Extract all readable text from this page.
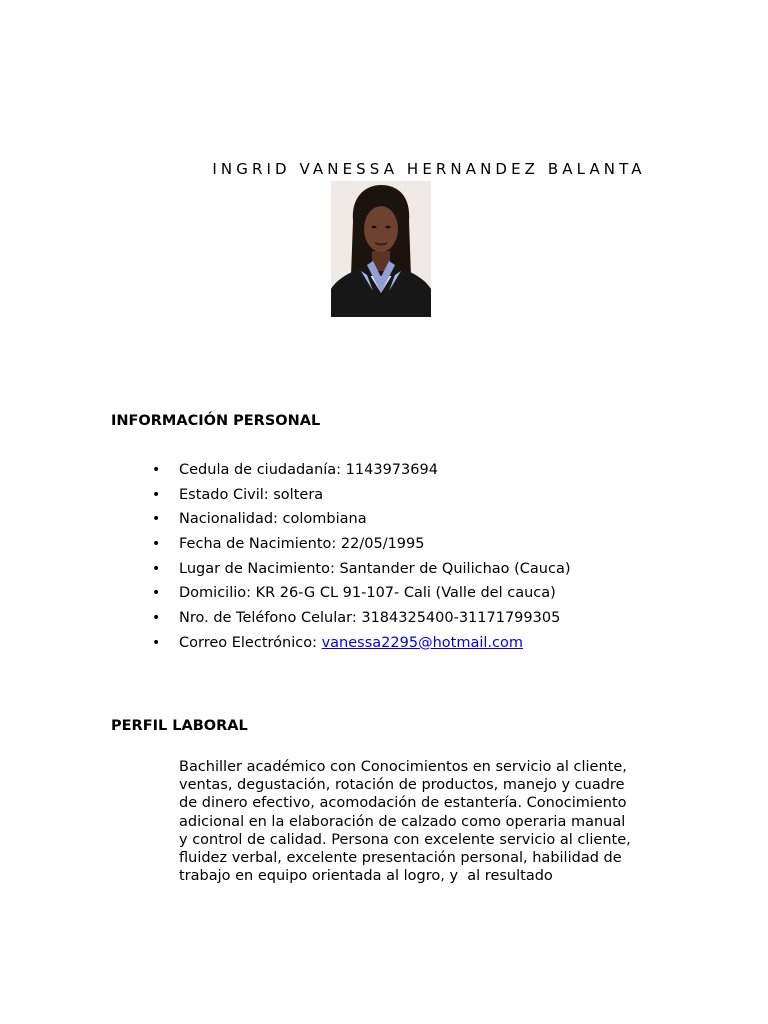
INGRID VANESSA HERNANDEZ BALANTA
INFORMACIÓN PERSONAL
• Cedula de ciudadanía: 1143973694
• Estado Civil: soltera
• Nacionalidad: colombiana
• Fecha de Nacimiento: 22/05/1995
• Lugar de Nacimiento: Santander de Quilichao (Cauca)
• Domicilio: KR 26-G CL 91-107- Cali (Valle del cauca)
• Nro. de Teléfono Celular: 3184325400-31171799305
• Correo Electrónico: vanessa2295@hotmail.com
PERFIL LABORAL

Bachiller académico con Conocimientos en servicio al cliente,
ventas, degustación, rotación de productos, manejo y cuadre
de dinero efectivo, acomodación de estantería. Conocimiento
adicional en la elaboración de calzado como operaria manual
y control de calidad. Persona con excelente servicio al cliente,
fluidez verbal, excelente presentación personal, habilidad de
trabajo en equipo orientada al logro, y  al resultado
